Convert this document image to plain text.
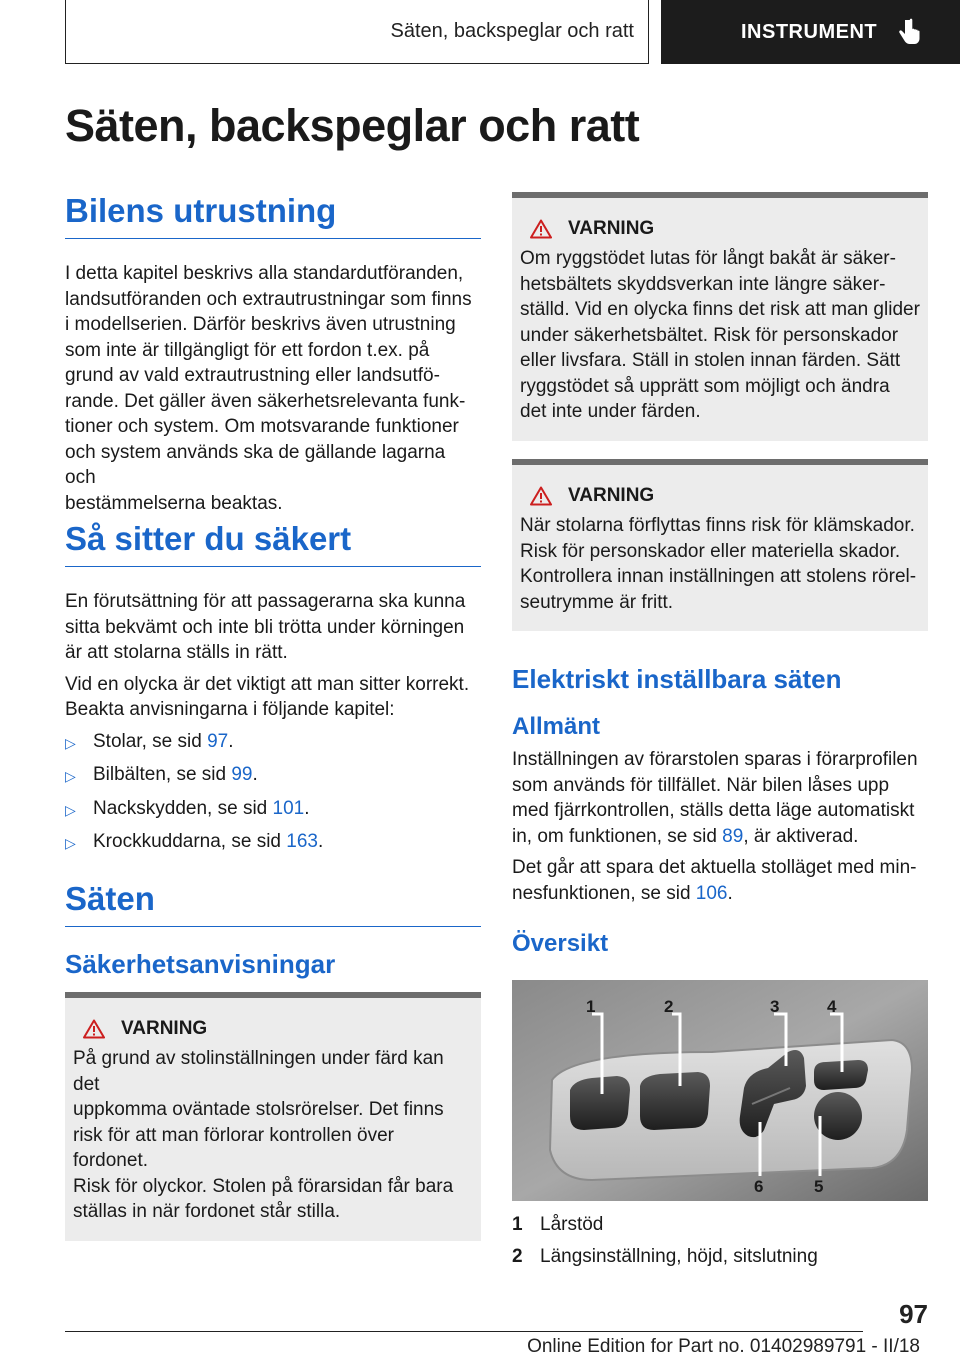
Säten, backspeglar och ratt	INSTRUMENT
Säten, backspeglar och ratt
Bilens utrustning

I detta kapitel beskrivs alla standardutföranden,
landsutföranden och extrautrustningar som finns
i modellserien. Därför beskrivs även utrustning
som inte är tillgängligt för ett fordon t.ex. på
grund av vald extrautrustning eller landsutfö-
rande. Det gäller även säkerhetsrelevanta funk-
tioner och system. Om motsvarande funktioner
och system används ska de gällande lagarna och
bestämmelserna beaktas.

Så sitter du säkert

En förutsättning för att passagerarna ska kunna
sitta bekvämt och inte bli trötta under körningen
är att stolarna ställs in rätt.

Vid en olycka är det viktigt att man sitter korrekt.
Beakta anvisningarna i följande kapitel:

▷ Stolar, se sid 97.
▷ Bilbälten, se sid 99.
▷ Nackskydden, se sid 101.
▷ Krockkuddarna, se sid 163.
Säten
Säkerhetsanvisningar
VARNING

På grund av stolinställningen under färd kan det
uppkomma oväntade stolsrörelser. Det finns
risk för att man förlorar kontrollen över fordonet.
Risk för olyckor. Stolen på förarsidan får bara
ställas in när fordonet står stilla.

VARNING

Om ryggstödet lutas för långt bakåt är säker-
hetsbältets skyddsverkan inte längre säker-
ställd. Vid en olycka finns det risk att man glider
under säkerhetsbältet. Risk för personskador
eller livsfara. Ställ in stolen innan färden. Sätt
ryggstödet så upprätt som möjligt och ändra
det inte under färden.

VARNING

När stolarna förflyttas finns risk för klämskador.
Risk för personskador eller materiella skador.
Kontrollera innan inställningen att stolens rörel-
seutrymme är fritt.

Elektriskt inställbara säten
Allmänt

Inställningen av förarstolen sparas i förarprofilen
som används för tillfället. När bilen låses upp
med fjärrkontrollen, ställs detta läge automatiskt
in, om funktionen, se sid 89, är aktiverad.

Det går att spara det aktuella stolläget med min-
nesfunktionen, se sid 106.

Översikt
1	2	3	4
5
6
1 Lårstöd
2 Längsinställning, höjd, sitslutning
97
Online Edition for Part no. 01402989791 - II/18
